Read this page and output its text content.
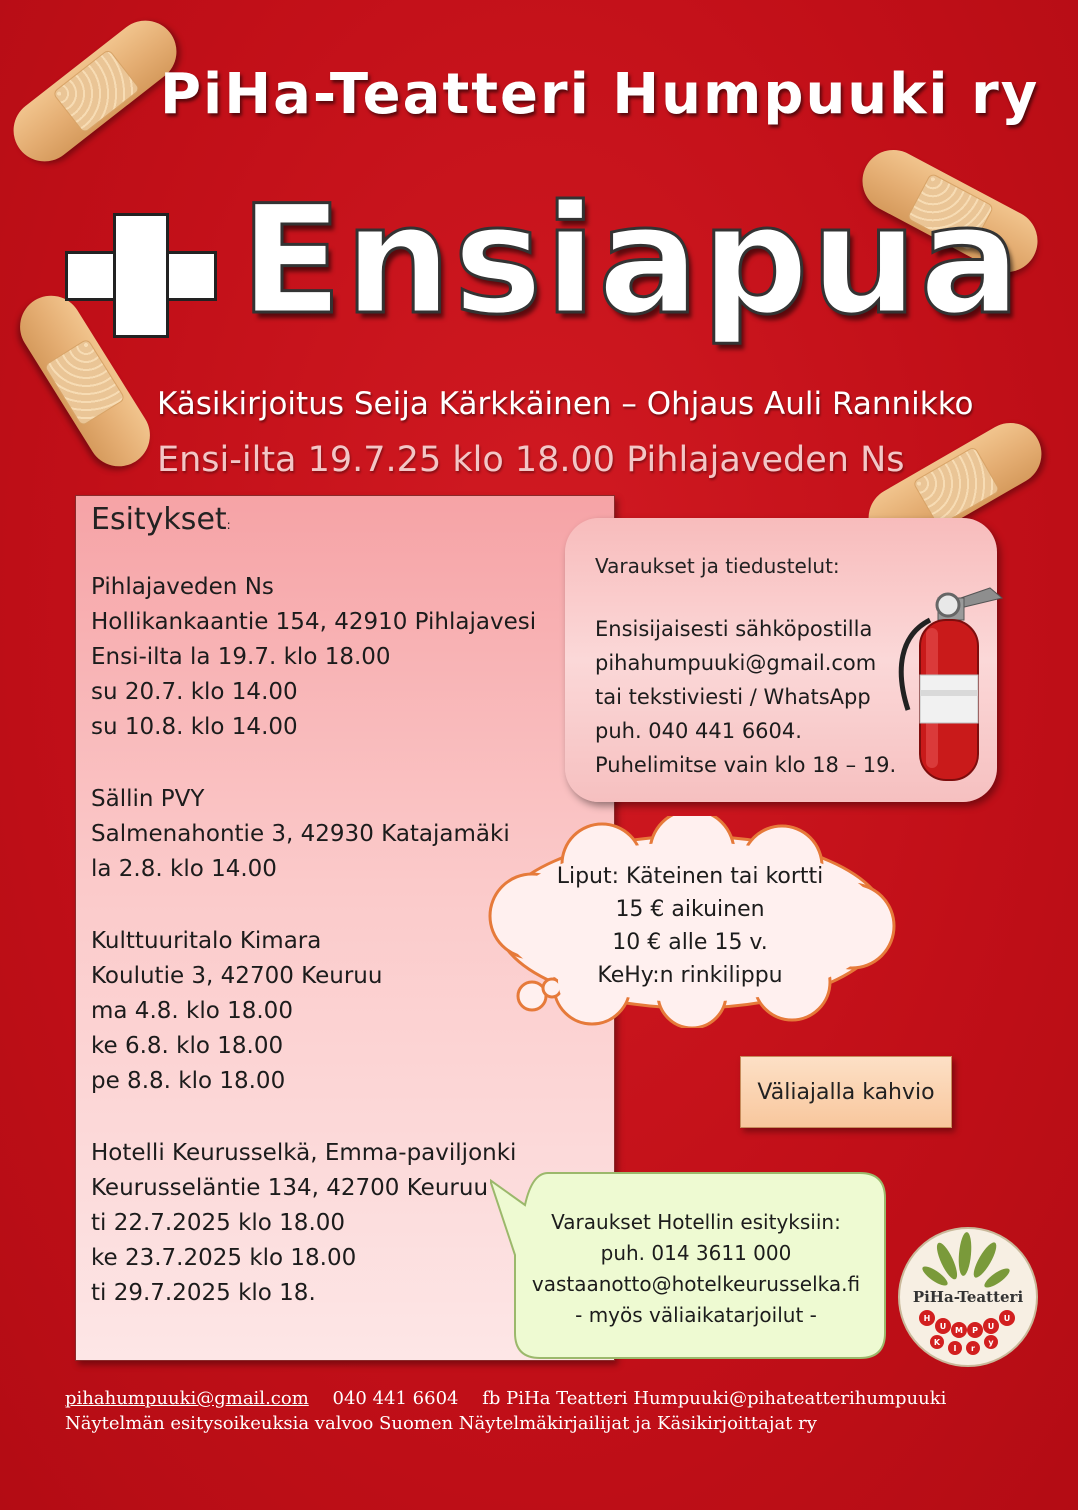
PiHa-Teatteri Humpuuki ry
Ensiapua
Käsikirjoitus Seija Kärkkäinen – Ohjaus Auli Rannikko
Ensi-ilta 19.7.25 klo 18.00 Pihlajaveden Ns
Esitykset:
Pihlajaveden Ns
Hollikankaantie 154, 42910 Pihlajavesi
Ensi-ilta la 19.7. klo 18.00
su 20.7. klo 14.00
su 10.8. klo 14.00
Sällin PVY
Salmenahontie 3, 42930 Katajamäki
la 2.8. klo 14.00
Kulttuuritalo Kimara
Koulutie 3, 42700 Keuruu
ma 4.8. klo 18.00
ke 6.8. klo 18.00
pe 8.8. klo 18.00
Hotelli Keurusselkä, Emma-paviljonki
Keurusseläntie 134, 42700 Keuruu
ti 22.7.2025 klo 18.00
ke 23.7.2025 klo 18.00
ti 29.7.2025 klo 18.
Varaukset ja tiedustelut:
Ensisijaisesti sähköpostilla
pihahumpuuki@gmail.com
tai tekstiviesti / WhatsApp
puh. 040 441 6604.
Puhelimitse vain klo 18 – 19.
Liput: Käteinen tai kortti
15 € aikuinen
10 € alle 15 v.
KeHy:n rinkilippu
Väliajalla kahvio
Varaukset Hotellin esityksiin:
puh. 014 3611 000
vastaanotto@hotelkeurusselka.fi
- myös väliaikatarjoilut -
PiHa-Teatteri
H
U M P U
U
K
I r
y
pihahumpuuki@gmail.com 040 441 6604 fb PiHa Teatteri Humpuuki@pihateatterihumpuuki
Näytelmän esitysoikeuksia valvoo Suomen Näytelmäkirjailijat ja Käsikirjoittajat ry
